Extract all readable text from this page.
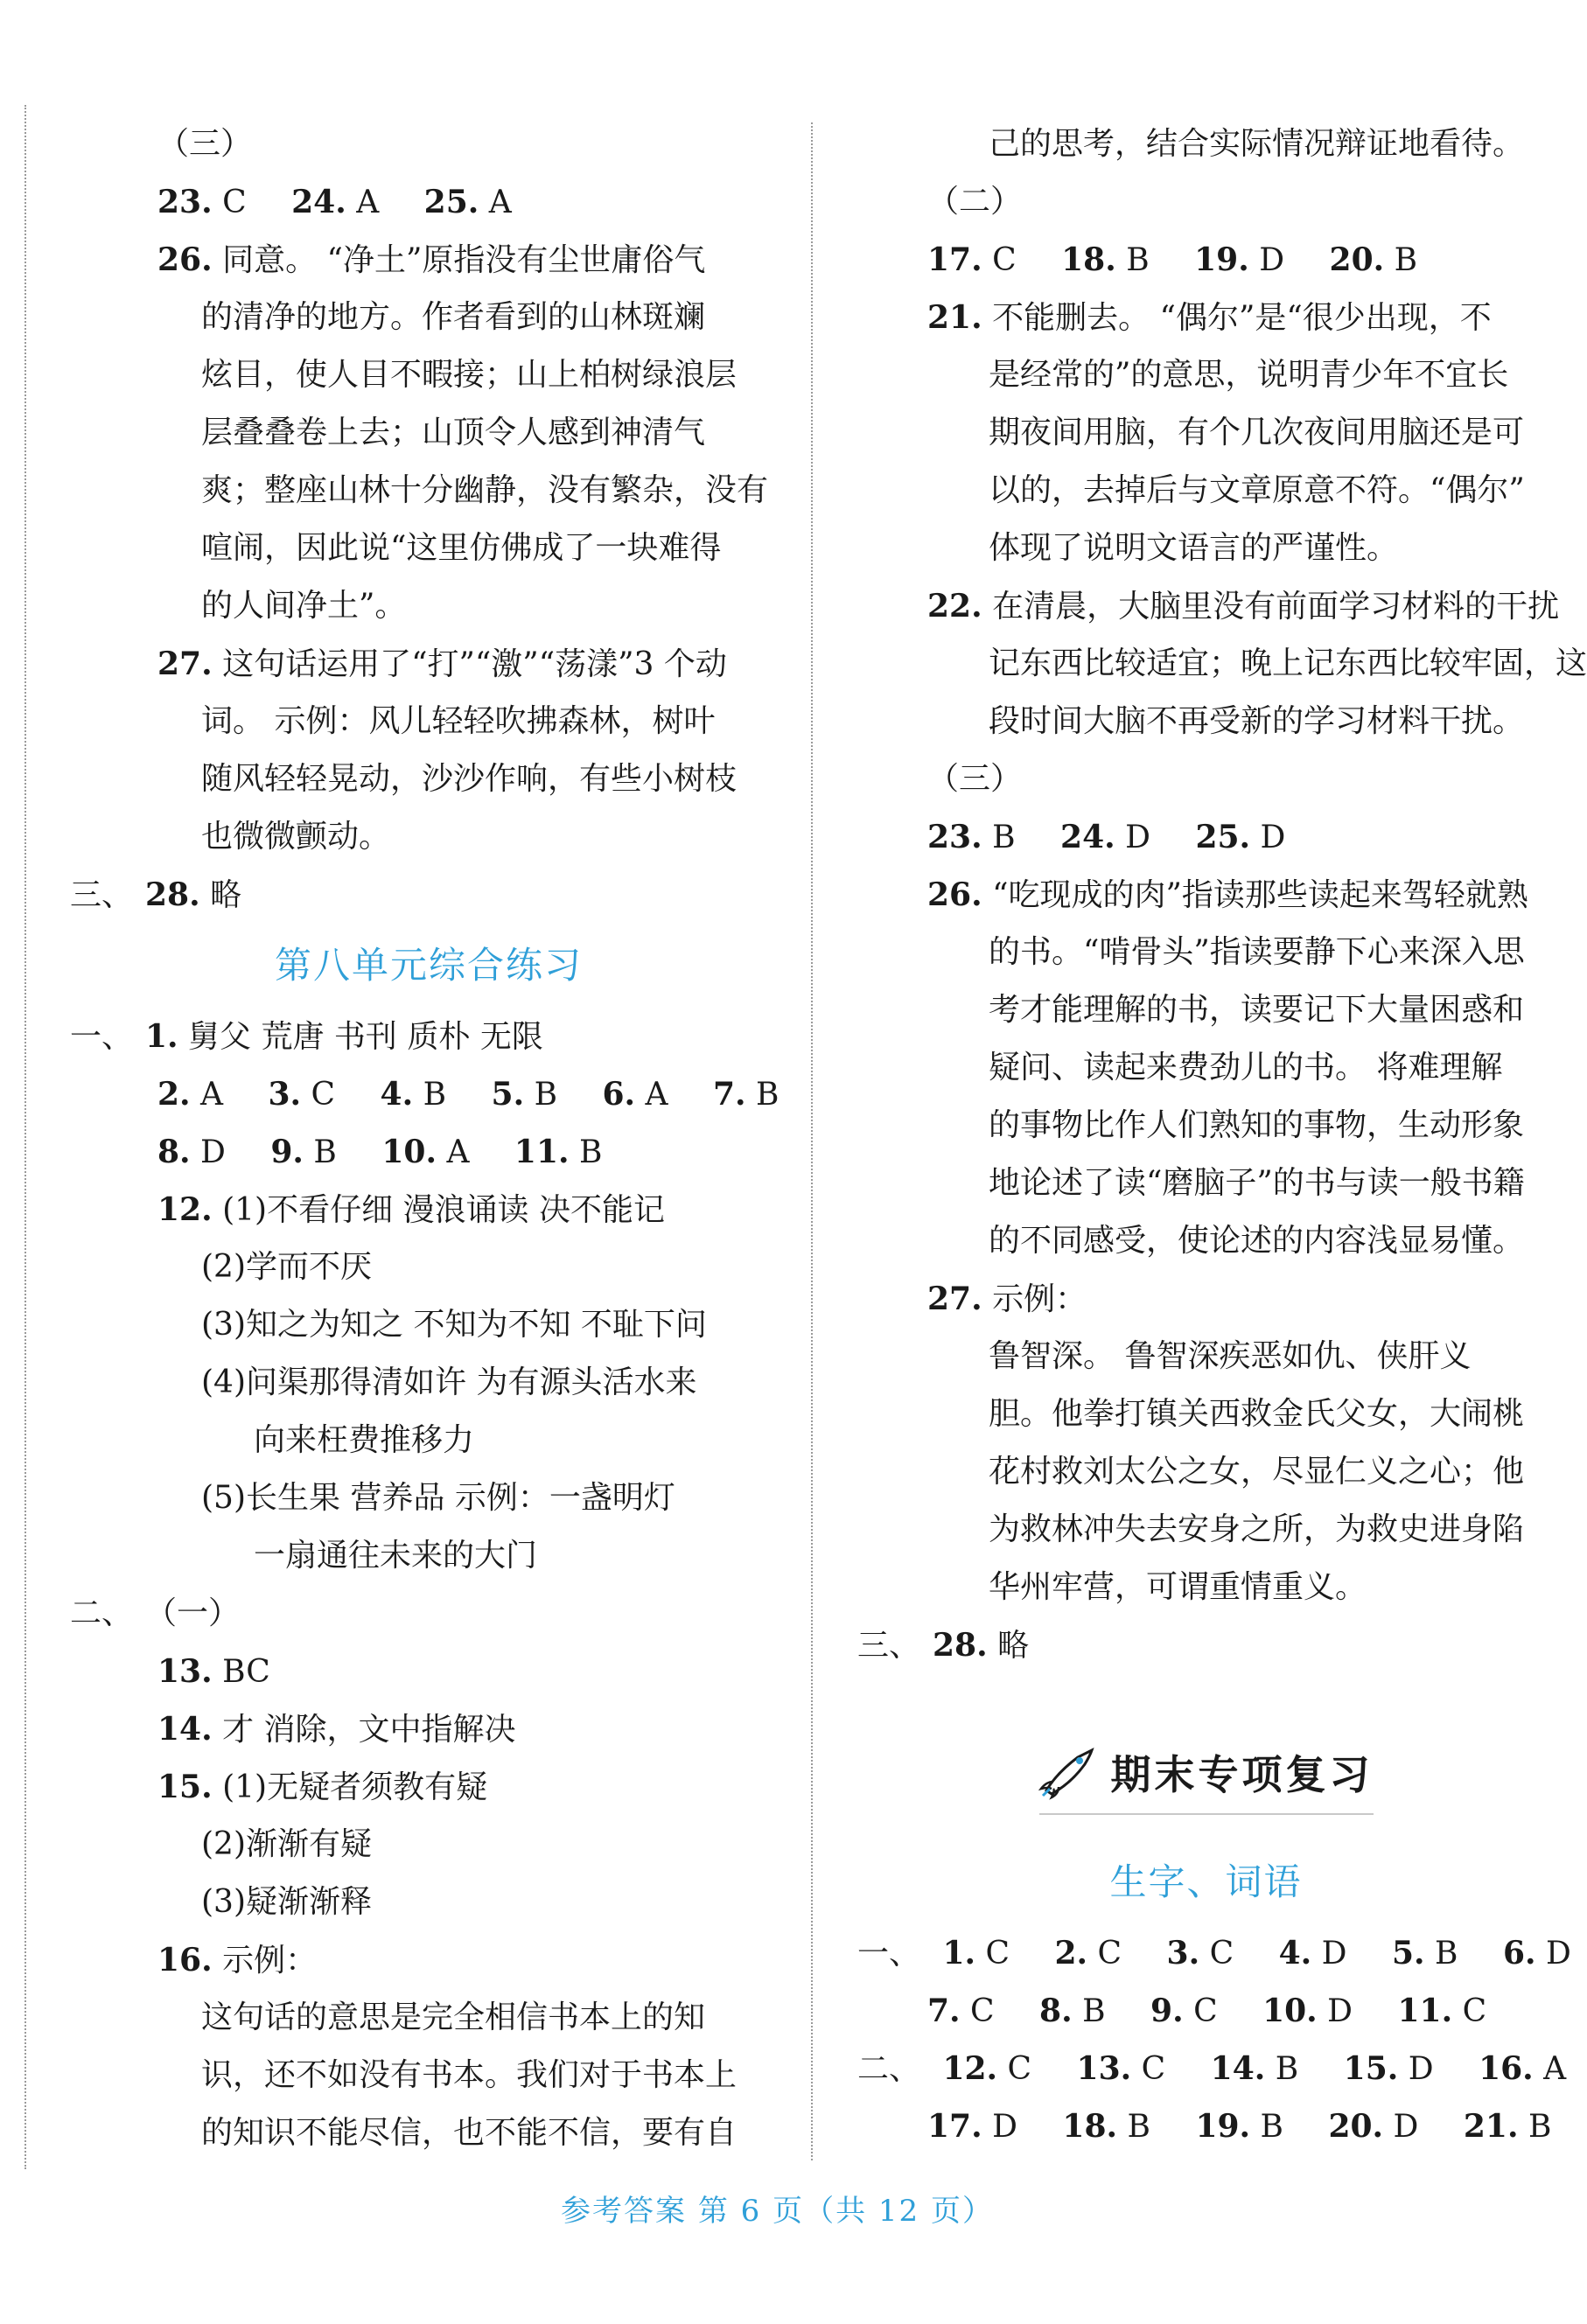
（三）
23. C 24. A 25. A
26. 同意。 “净土”原指没有尘世庸俗气
的清净的地方。作者看到的山林斑斓
炫目，使人目不暇接；山上柏树绿浪层
层叠叠卷上去；山顶令人感到神清气
爽；整座山林十分幽静，没有繁杂，没有
喧闹，因此说“这里仿佛成了一块难得
的人间净土”。
27. 这句话运用了“打”“激”“荡漾”3 个动
词。 示例：风儿轻轻吹拂森林，树叶
随风轻轻晃动，沙沙作响，有些小树枝
也微微颤动。
三、 28. 略
第八单元综合练习
一、 1. 舅父 荒唐 书刊 质朴 无限
2. A 3. C 4. B 5. B 6. A 7. B
8. D 9. B 10. A 11. B
12. (1)不看仔细 漫浪诵读 决不能记
(2)学而不厌
(3)知之为知之 不知为不知 不耻下问
(4)问渠那得清如许 为有源头活水来
向来枉费推移力
(5)长生果 营养品 示例：一盏明灯
一扇通往未来的大门
二、 （一）
13. BC
14. 才 消除，文中指解决
15. (1)无疑者须教有疑
(2)渐渐有疑
(3)疑渐渐释
16. 示例：
这句话的意思是完全相信书本上的知
识，还不如没有书本。我们对于书本上
的知识不能尽信，也不能不信，要有自
己的思考，结合实际情况辩证地看待。
（二）
17. C 18. B 19. D 20. B
21. 不能删去。 “偶尔”是“很少出现，不
是经常的”的意思，说明青少年不宜长
期夜间用脑，有个几次夜间用脑还是可
以的，去掉后与文章原意不符。“偶尔”
体现了说明文语言的严谨性。
22. 在清晨，大脑里没有前面学习材料的干扰
记东西比较适宜；晚上记东西比较牢固，这
段时间大脑不再受新的学习材料干扰。
（三）
23. B 24. D 25. D
26. “吃现成的肉”指读那些读起来驾轻就熟
的书。“啃骨头”指读要静下心来深入思
考才能理解的书，读要记下大量困惑和
疑问、读起来费劲儿的书。 将难理解
的事物比作人们熟知的事物，生动形象
地论述了读“磨脑子”的书与读一般书籍
的不同感受，使论述的内容浅显易懂。
27. 示例：
鲁智深。 鲁智深疾恶如仇、侠肝义
胆。他拳打镇关西救金氏父女，大闹桃
花村救刘太公之女，尽显仁义之心；他
为救林冲失去安身之所，为救史进身陷
华州牢营，可谓重情重义。
三、 28. 略
期末专项复习
生字、词语
一、 1. C 2. C 3. C 4. D 5. B 6. D
7. C 8. B 9. C 10. D 11. C
二、 12. C 13. C 14. B 15. D 16. A
17. D 18. B 19. B 20. D 21. B
参考答案 第 6 页（共 12 页）
